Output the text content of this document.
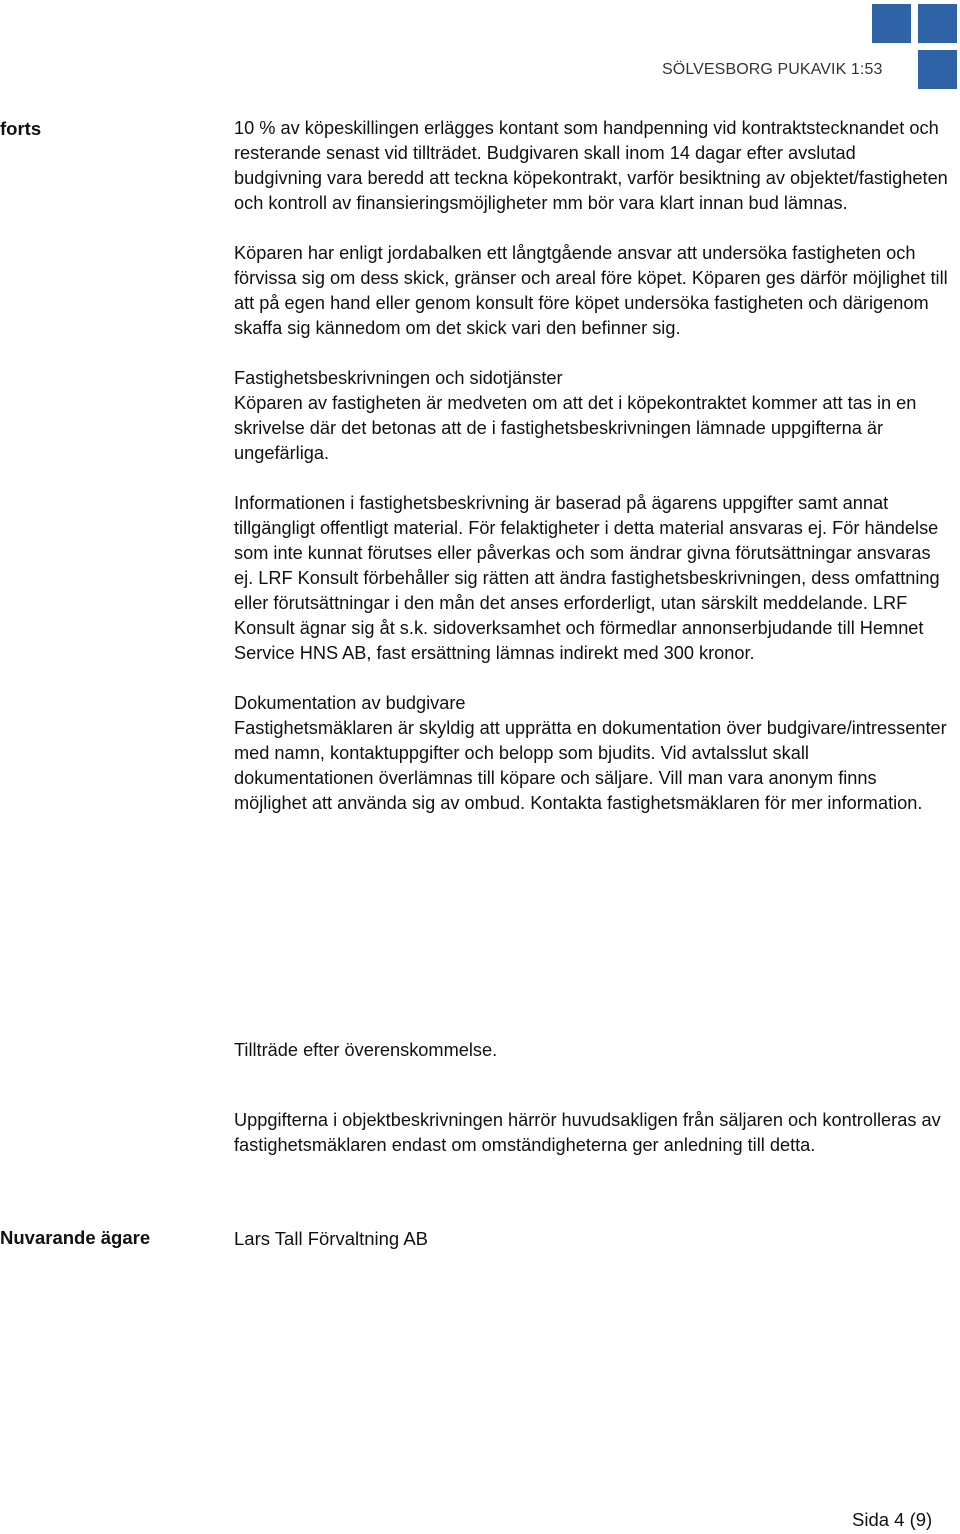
SÖLVESBORG PUKAVIK 1:53
forts	10 % av köpeskillingen erlägges kontant som handpenning vid kontraktstecknandet och resterande senast vid tillträdet. Budgivaren skall inom 14 dagar efter avslutad budgivning vara beredd att teckna köpekontrakt, varför besiktning av objektet/fastigheten och kontroll av finansieringsmöjligheter mm bör vara klart innan bud lämnas.

Köparen har enligt jordabalken ett långtgående ansvar att undersöka fastigheten och förvissa sig om dess skick, gränser och areal före köpet. Köparen ges därför möjlighet till att på egen hand eller genom konsult före köpet undersöka fastigheten och därigenom skaffa sig kännedom om det skick vari den befinner sig.

Fastighetsbeskrivningen och sidotjänster

Köparen av fastigheten är medveten om att det i köpekontraktet kommer att tas in en skrivelse där det betonas att de i fastighetsbeskrivningen lämnade uppgifterna är ungefärliga.

Informationen i fastighetsbeskrivning är baserad på ägarens uppgifter samt annat tillgängligt offentligt material. För felaktigheter i detta material ansvaras ej. För händelse som inte kunnat förutses eller påverkas och som ändrar givna förutsättningar ansvaras ej. LRF Konsult förbehåller sig rätten att ändra fastighetsbeskrivningen, dess omfattning eller förutsättningar i den mån det anses erforderligt, utan särskilt meddelande. LRF Konsult ägnar sig åt s.k. sidoverksamhet och förmedlar annonserbjudande till Hemnet Service HNS AB, fast ersättning lämnas indirekt med 300 kronor.

Dokumentation av budgivare

Fastighetsmäklaren är skyldig att upprätta en dokumentation över budgivare/intressenter med namn, kontaktuppgifter och belopp som bjudits. Vid avtalsslut skall dokumentationen överlämnas till köpare och säljare. Vill man vara anonym finns möjlighet att använda sig av ombud. Kontakta fastighetsmäklaren för mer information.

Tillträde efter överenskommelse.

Uppgifterna i objektbeskrivningen härrör huvudsakligen från säljaren och kontrolleras av fastighetsmäklaren endast om omständigheterna ger anledning till detta.

Nuvarande ägare	Lars Tall Förvaltning AB
Sida 4 (9)
